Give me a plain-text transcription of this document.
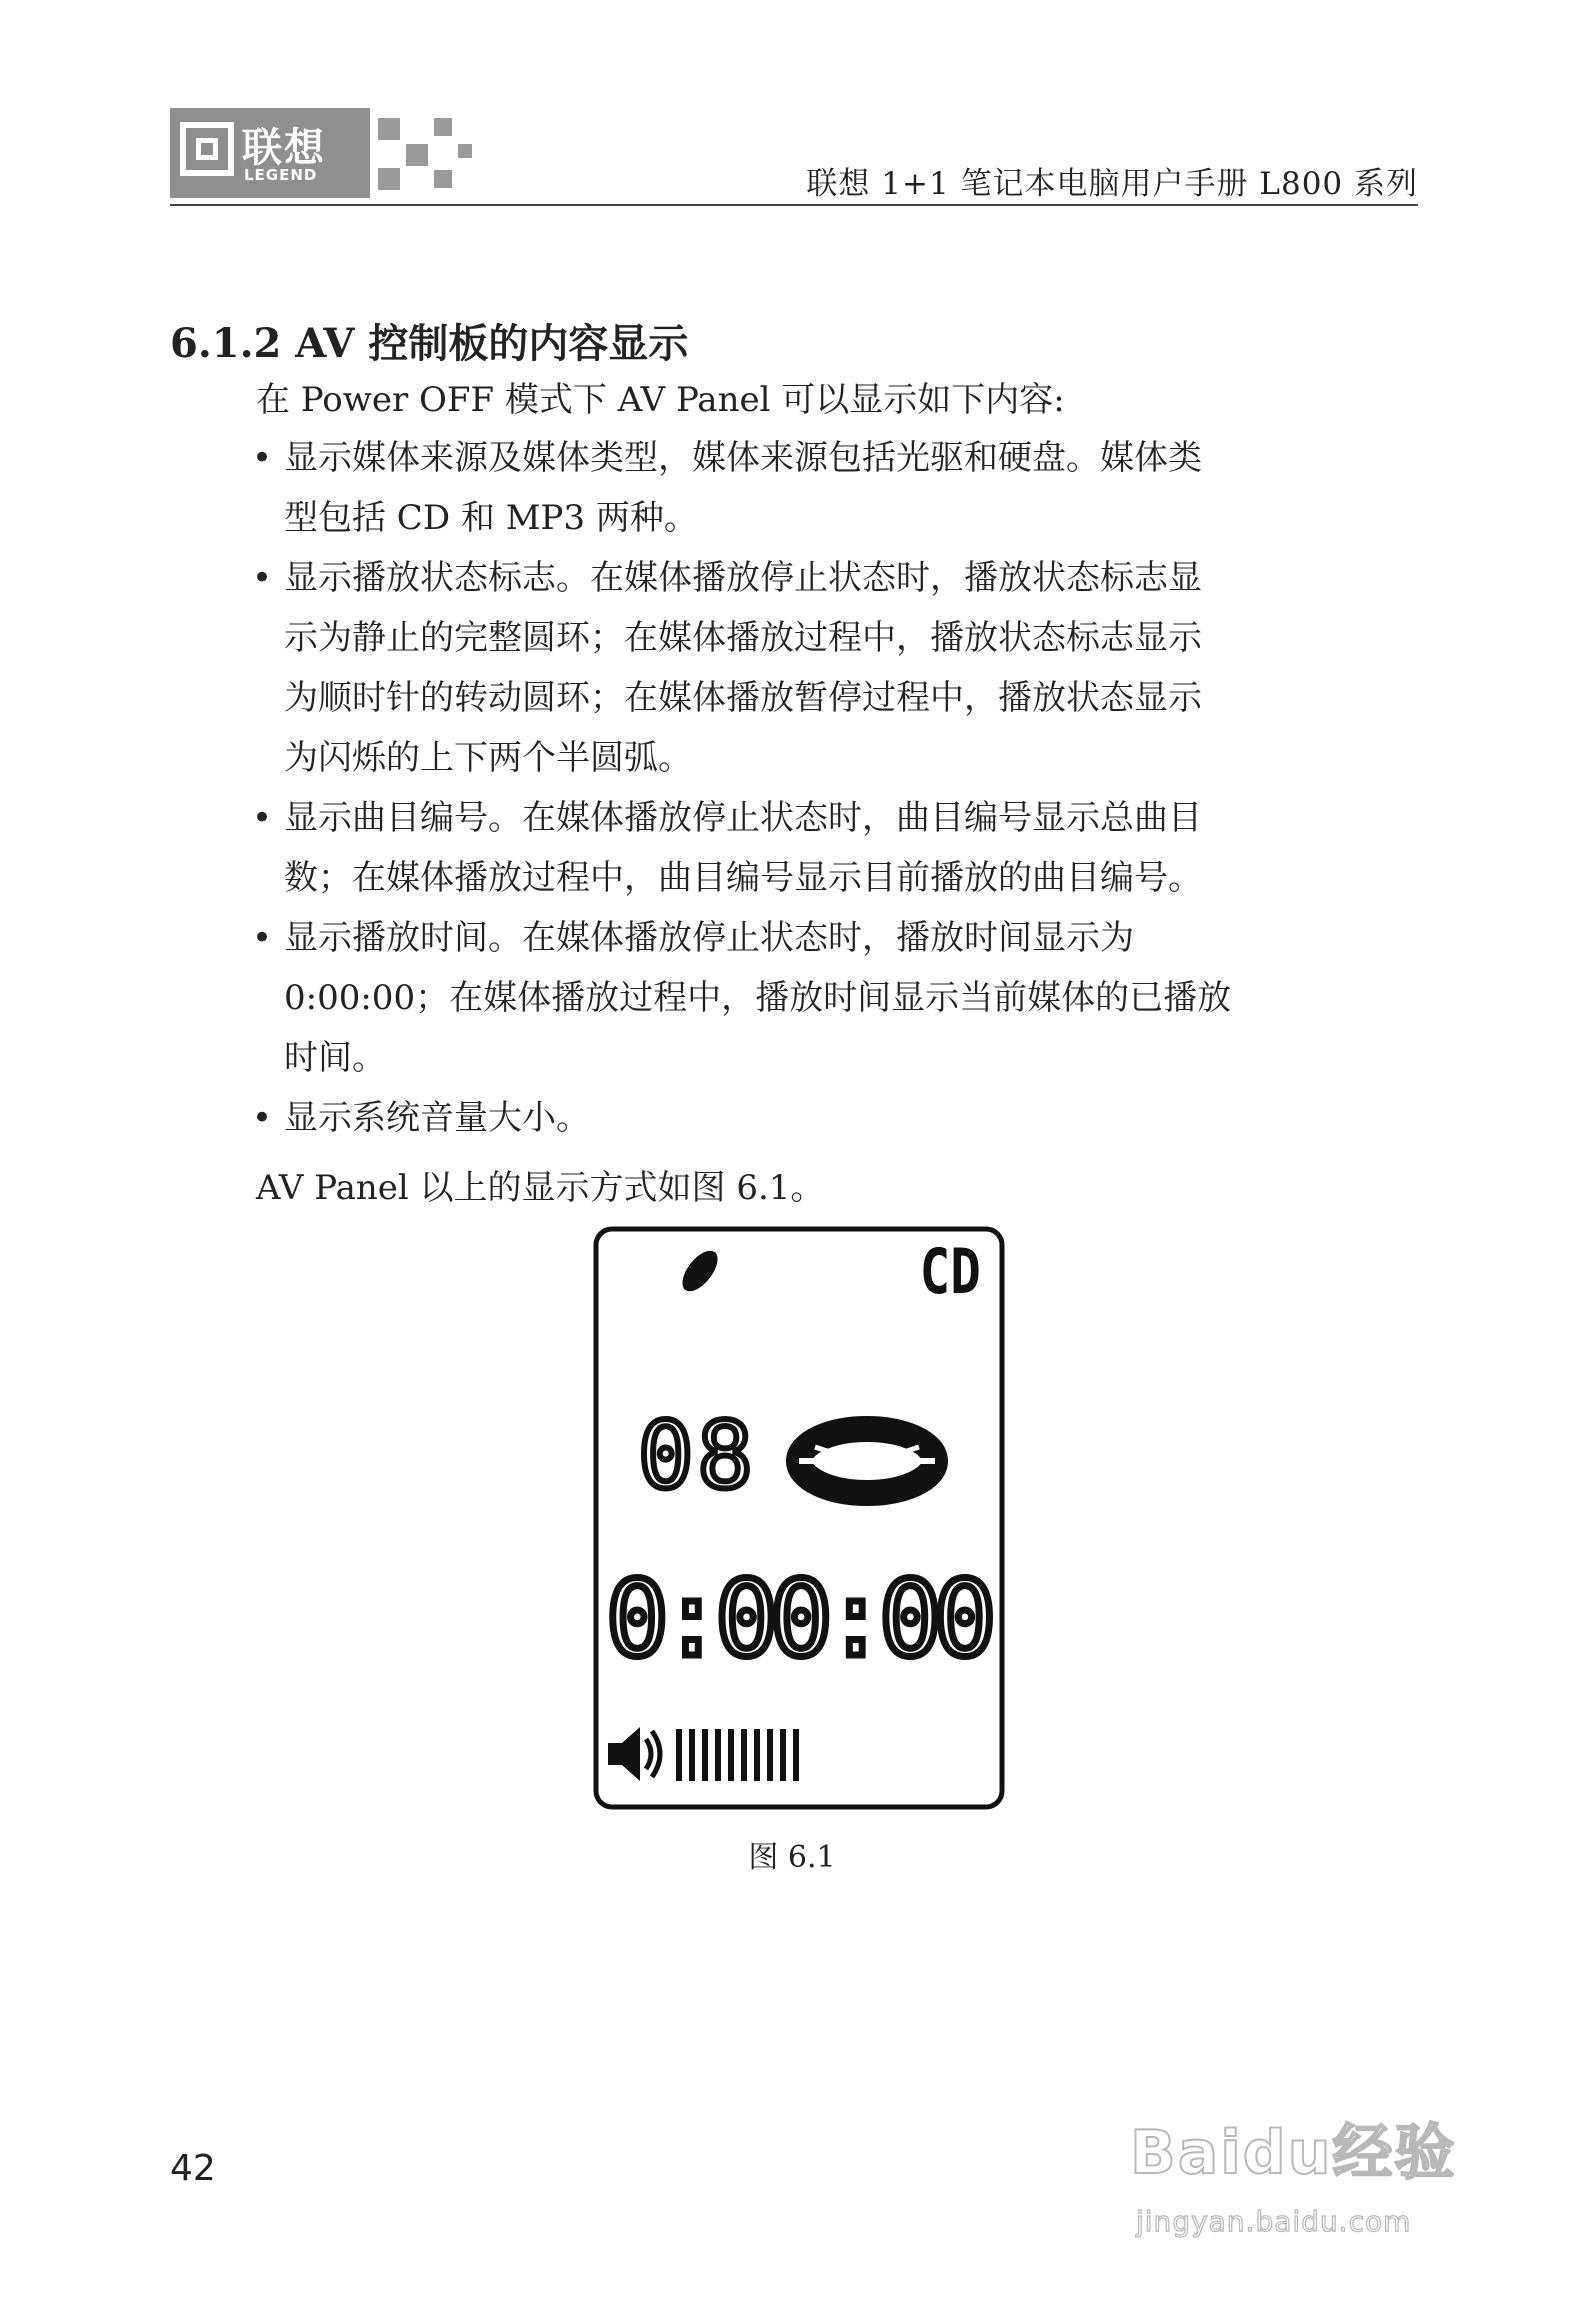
联想
LEGEND	联想 1+1 笔记本电脑用户手册 L800 系列
6.1.2 AV 控制板的内容显示
在 Power OFF 模式下 AV Panel 可以显示如下内容:
• 显示媒体来源及媒体类型，媒体来源包括光驱和硬盘。媒体类
型包括 CD 和 MP3 两种。
• 显示播放状态标志。在媒体播放停止状态时，播放状态标志显
示为静止的完整圆环；在媒体播放过程中，播放状态标志显示
为顺时针的转动圆环；在媒体播放暂停过程中，播放状态显示
为闪烁的上下两个半圆弧。
• 显示曲目编号。在媒体播放停止状态时，曲目编号显示总曲目
数；在媒体播放过程中，曲目编号显示目前播放的曲目编号。
• 显示播放时间。在媒体播放停止状态时，播放时间显示为
0:00:00；在媒体播放过程中，播放时间显示当前媒体的已播放
时间。
• 显示系统音量大小。
AV Panel 以上的显示方式如图 6.1。
CD
08
0:00:00
图 6.1
42	Baidu经验
jingyan.baidu.com
